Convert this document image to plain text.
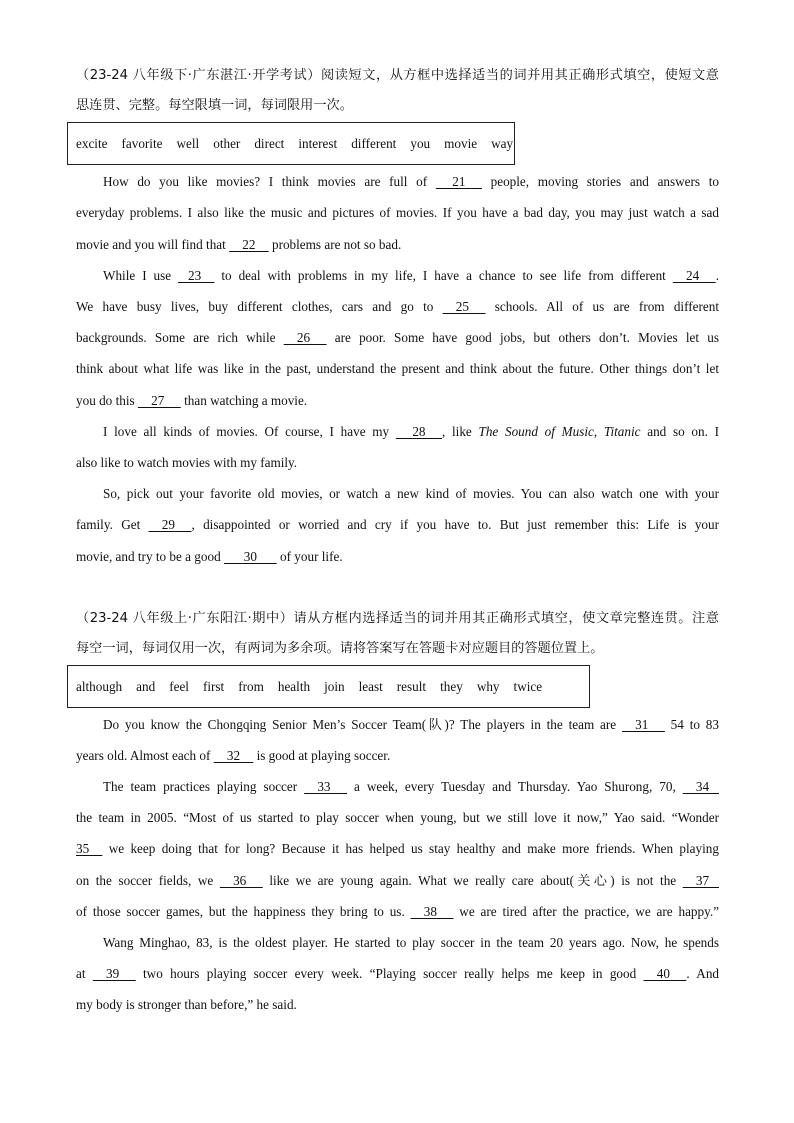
（23-24 八年级下·广东湛江·开学考试）阅读短文，从方框中选择适当的词并用其正确形式填空，使短文意
思连贯、完整。每空限填一词，每词限用一次。
excite favorite well other direct interest different you movie way
How do you like movies? I think movies are full of      21      people, moving stories and answers to
everyday problems. I also like the music and pictures of movies. If you have a bad day, you may just watch a sad
movie and you will find that     22     problems are not so bad.
While I use    23     to deal with problems in my life, I have a chance to see life from different     24     .
We have busy lives, buy different clothes, cars and go to     25      schools. All of us are from different
backgrounds. Some are rich while     26      are poor. Some have good jobs, but others don’t. Movies let us
think about what life was like in the past, understand the present and think about the future. Other things don’t let
you do this     27      than watching a movie.
I love all kinds of movies. Of course, I have my      28     , like The Sound of Music, Titanic and so on. I
also like to watch movies with my family.
So, pick out your favorite old movies, or watch a new kind of movies. You can also watch one with your
family. Get     29     , disappointed or worried and cry if you have to. But just remember this: Life is your
movie, and try to be a good       30       of your life.
（23-24 八年级上·广东阳江·期中）请从方框内选择适当的词并用其正确形式填空，使文章完整连贯。注意
每空一词，每词仅用一次，有两词为多余项。请将答案写在答题卡对应题目的答题位置上。
although and feel first from health join least result they why twice
Do you know the Chongqing Senior Men’s Soccer Team(队)? The players in the team are     31      54 to 83
years old. Almost each of     32     is good at playing soccer.
The team practices playing soccer     33      a week, every Tuesday and Thursday. Yao Shurong, 70,     34
the team in 2005. “Most of us started to play soccer when young, but we still love it now,” Yao said. “Wonder
35     we keep doing that for long? Because it has helped us stay healthy and make more friends. When playing
on the soccer fields, we     36      like we are young again. What we really care about(关心) is not the     37
of those soccer games, but the happiness they bring to us.     38      we are tired after the practice, we are happy.”
Wang Minghao, 83, is the oldest player. He started to play soccer in the team 20 years ago. Now, he spends
at     39      two hours playing soccer every week. “Playing soccer really helps me keep in good     40     . And
my body is stronger than before,” he said.
